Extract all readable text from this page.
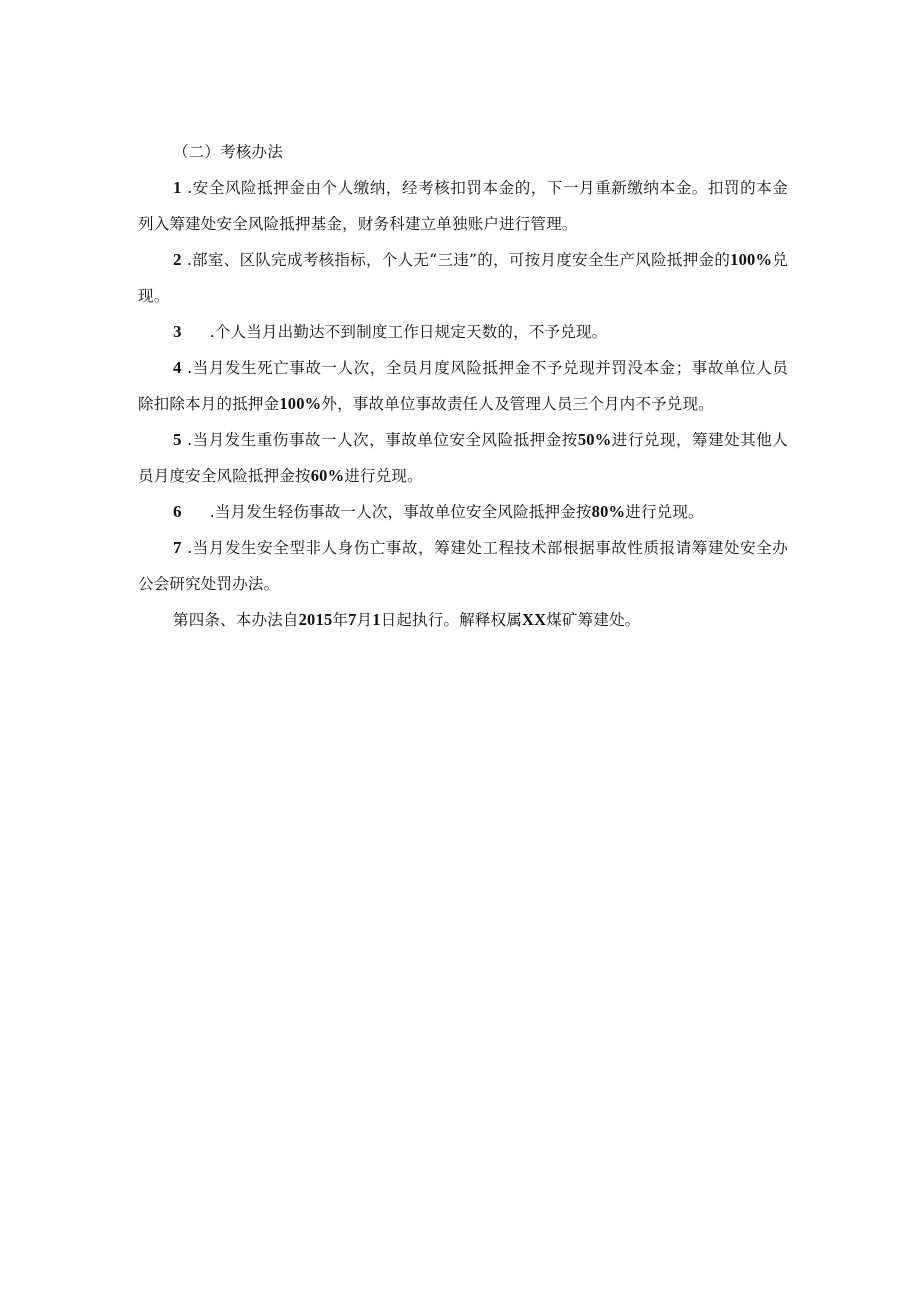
（二）考核办法

1 .安全风险抵押金由个人缴纳，经考核扣罚本金的，下一月重新缴纳本金。扣罚的本金列入筹建处安全风险抵押基金，财务科建立单独账户进行管理。

2 .部室、区队完成考核指标，个人无“三违”的，可按月度安全生产风险抵押金的100%兑现。

3 .个人当月出勤达不到制度工作日规定天数的，不予兑现。

4 .当月发生死亡事故一人次，全员月度风险抵押金不予兑现并罚没本金；事故单位人员除扣除本月的抵押金100%外，事故单位事故责任人及管理人员三个月内不予兑现。

5 .当月发生重伤事故一人次，事故单位安全风险抵押金按50%进行兑现，筹建处其他人员月度安全风险抵押金按60%进行兑现。

6 .当月发生轻伤事故一人次，事故单位安全风险抵押金按80%进行兑现。

7 .当月发生安全型非人身伤亡事故，筹建处工程技术部根据事故性质报请筹建处安全办公会研究处罚办法。

第四条、本办法自2015年7月1日起执行。解释权属XX煤矿筹建处。
